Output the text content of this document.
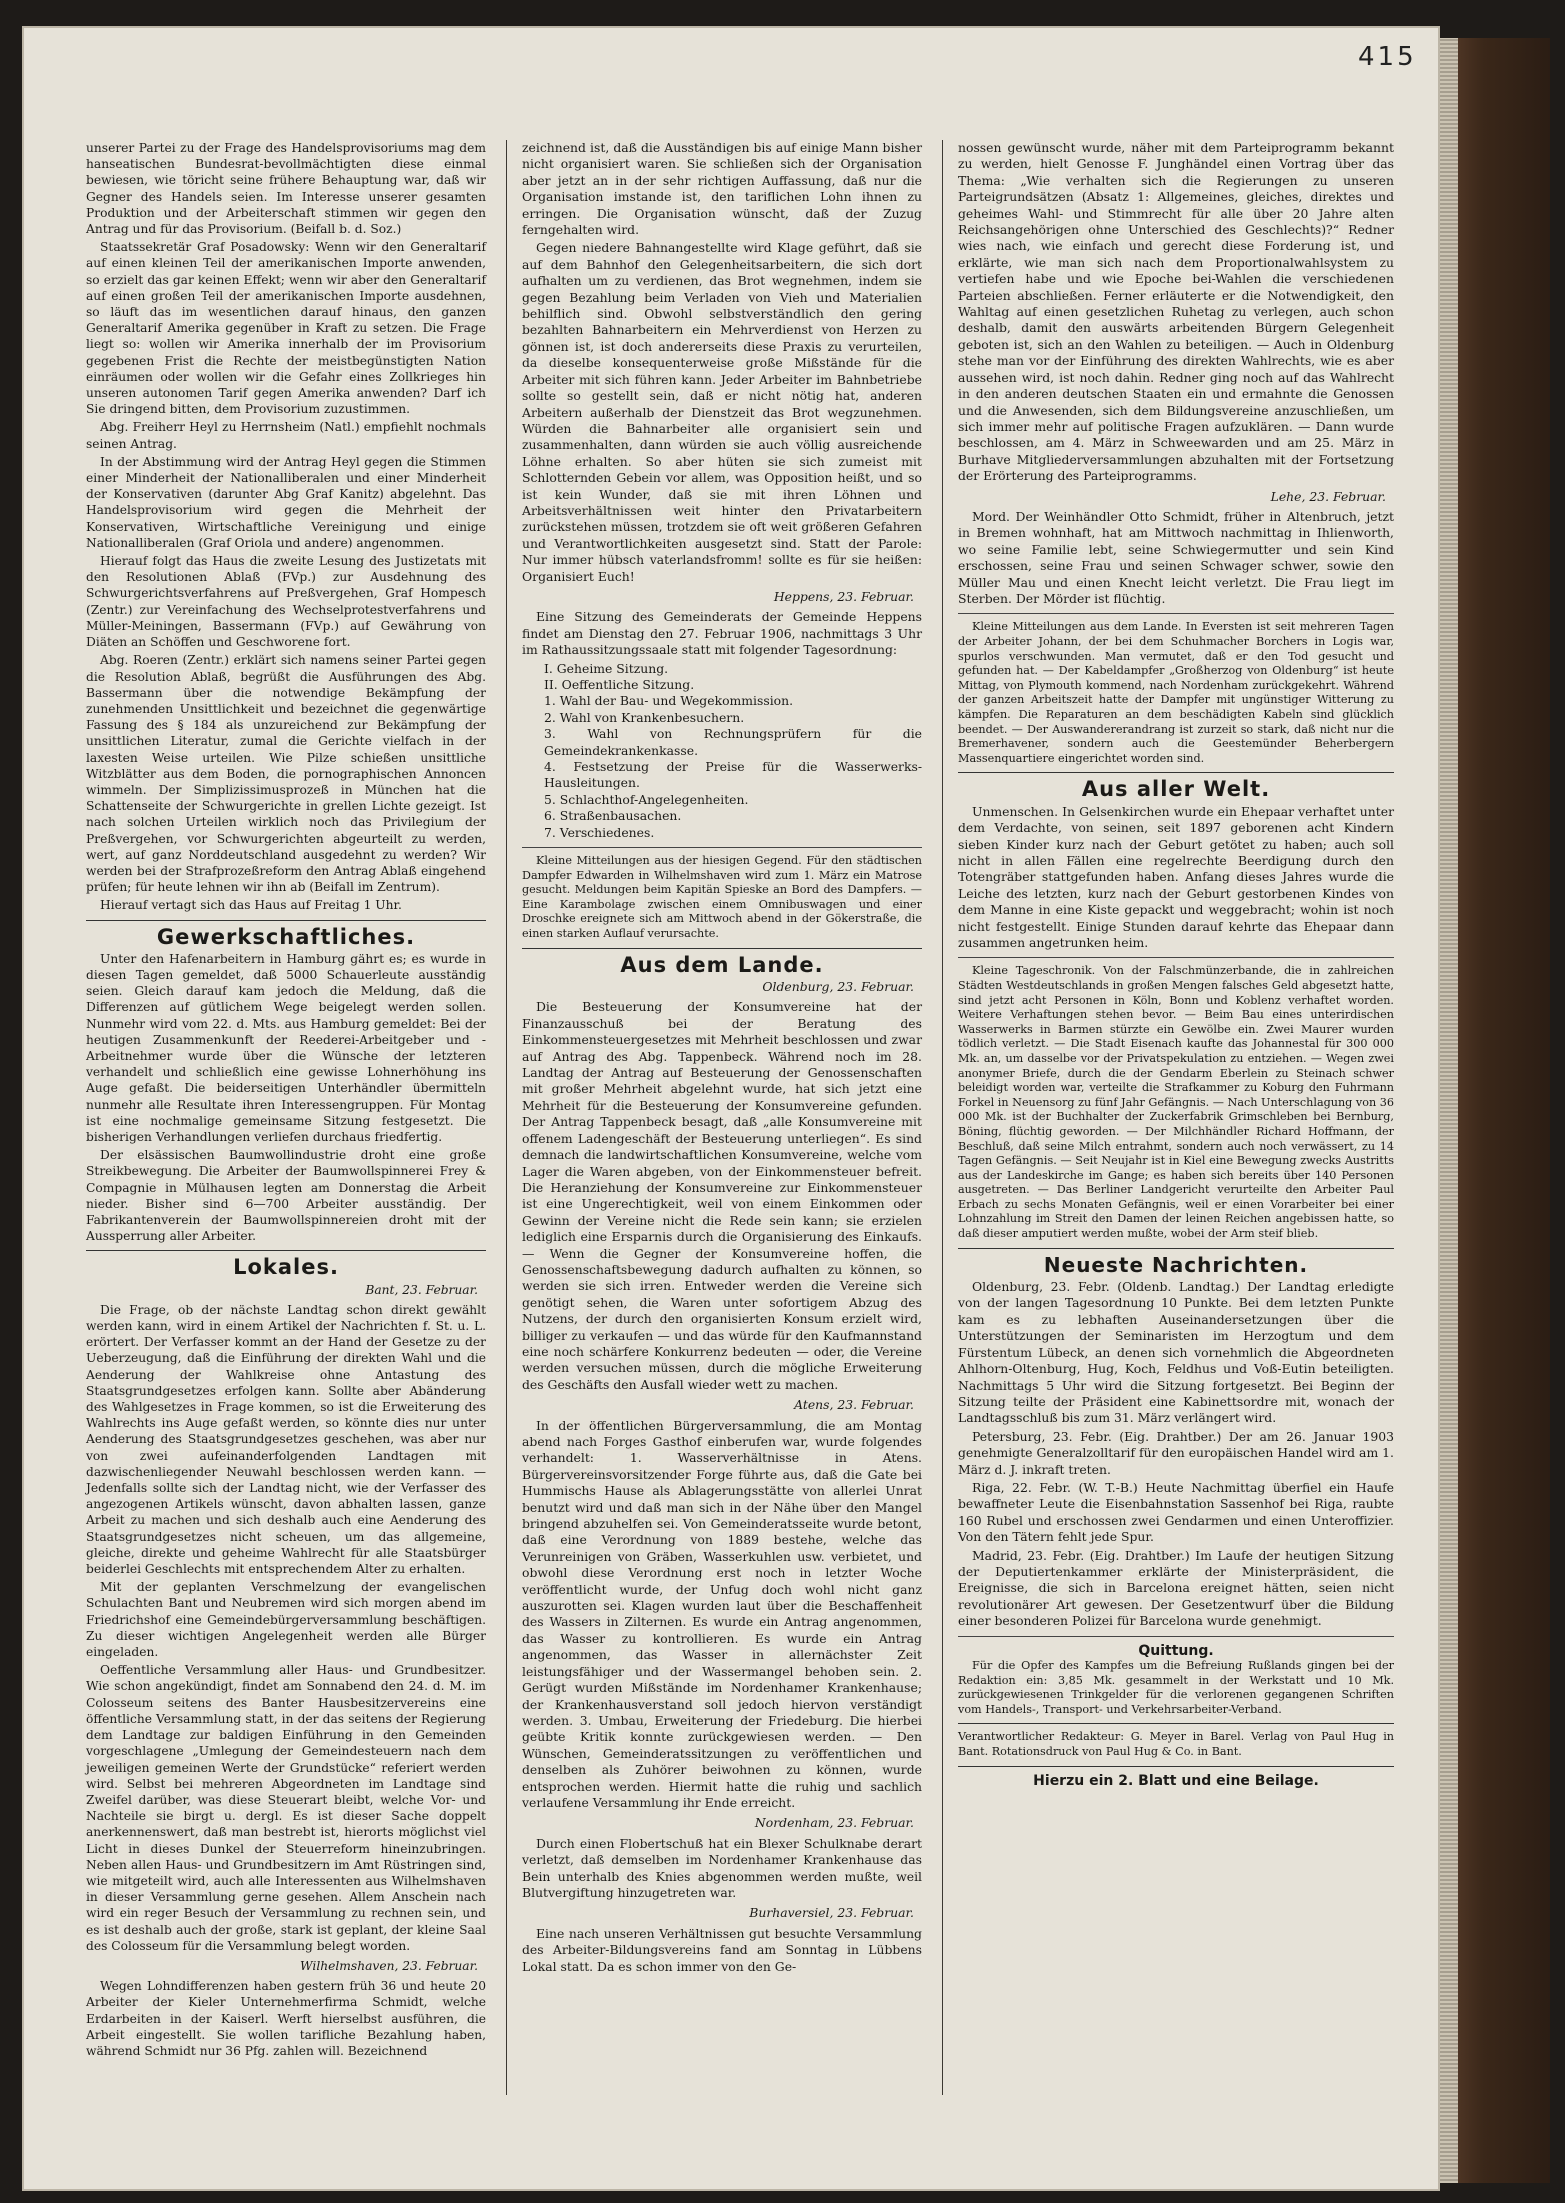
415

unserer Partei zu der Frage des Handelsprovisoriums mag dem hanseatischen Bundesrat-bevollmächtigten diese einmal bewiesen, wie töricht seine frühere Behauptung war, daß wir Gegner des Handels seien. Im Interesse unserer gesamten Produktion und der Arbeiterschaft stimmen wir gegen den Antrag und für das Provisorium. (Beifall b. d. Soz.)

Staatssekretär Graf Posadowsky: Wenn wir den Generaltarif auf einen kleinen Teil der amerikanischen Importe anwenden, so erzielt das gar keinen Effekt; wenn wir aber den Generaltarif auf einen großen Teil der amerikanischen Importe ausdehnen, so läuft das im wesentlichen darauf hinaus, den ganzen Generaltarif Amerika gegenüber in Kraft zu setzen. Die Frage liegt so: wollen wir Amerika innerhalb der im Provisorium gegebenen Frist die Rechte der meistbegünstigten Nation einräumen oder wollen wir die Gefahr eines Zollkrieges hin unseren autonomen Tarif gegen Amerika anwenden? Darf ich Sie dringend bitten, dem Provisorium zuzustimmen.

Abg. Freiherr Heyl zu Herrnsheim (Natl.) empfiehlt nochmals seinen Antrag.

In der Abstimmung wird der Antrag Heyl gegen die Stimmen einer Minderheit der Nationalliberalen und einer Minderheit der Konservativen (darunter Abg Graf Kanitz) abgelehnt. Das Handelsprovisorium wird gegen die Mehrheit der Konservativen, Wirtschaftliche Vereinigung und einige Nationalliberalen (Graf Oriola und andere) angenommen.

Hierauf folgt das Haus die zweite Lesung des Justizetats mit den Resolutionen Ablaß (FVp.) zur Ausdehnung des Schwurgerichtsverfahrens auf Preßvergehen, Graf Hompesch (Zentr.) zur Vereinfachung des Wechselprotestverfahrens und Müller-Meiningen, Bassermann (FVp.) auf Gewährung von Diäten an Schöffen und Geschworene fort.

Abg. Roeren (Zentr.) erklärt sich namens seiner Partei gegen die Resolution Ablaß, begrüßt die Ausführungen des Abg. Bassermann über die notwendige Bekämpfung der zunehmenden Unsittlichkeit und bezeichnet die gegenwärtige Fassung des § 184 als unzureichend zur Bekämpfung der unsittlichen Literatur, zumal die Gerichte vielfach in der laxesten Weise urteilen. Wie Pilze schießen unsittliche Witzblätter aus dem Boden, die pornographischen Annoncen wimmeln. Der Simplizissimusprozeß in München hat die Schattenseite der Schwurgerichte in grellen Lichte gezeigt. Ist nach solchen Urteilen wirklich noch das Privilegium der Preßvergehen, vor Schwurgerichten abgeurteilt zu werden, wert, auf ganz Norddeutschland ausgedehnt zu werden? Wir werden bei der Strafprozeßreform den Antrag Ablaß eingehend prüfen; für heute lehnen wir ihn ab (Beifall im Zentrum).

Hierauf vertagt sich das Haus auf Freitag 1 Uhr.

Gewerkschaftliches.

Unter den Hafenarbeitern in Hamburg gährt es; es wurde in diesen Tagen gemeldet, daß 5000 Schauerleute ausständig seien. Gleich darauf kam jedoch die Meldung, daß die Differenzen auf gütlichem Wege beigelegt werden sollen. Nunmehr wird vom 22. d. Mts. aus Hamburg gemeldet: Bei der heutigen Zusammenkunft der Reederei-Arbeitgeber und -Arbeitnehmer wurde über die Wünsche der letzteren verhandelt und schließlich eine gewisse Lohnerhöhung ins Auge gefaßt. Die beiderseitigen Unterhändler übermitteln nunmehr alle Resultate ihren Interessengruppen. Für Montag ist eine nochmalige gemeinsame Sitzung festgesetzt. Die bisherigen Verhandlungen verliefen durchaus friedfertig.

Der elsässischen Baumwollindustrie droht eine große Streikbewegung. Die Arbeiter der Baumwollspinnerei Frey & Compagnie in Mülhausen legten am Donnerstag die Arbeit nieder. Bisher sind 6—700 Arbeiter ausständig. Der Fabrikantenverein der Baumwollspinnereien droht mit der Aussperrung aller Arbeiter.

Lokales.
Bant, 23. Februar.

Die Frage, ob der nächste Landtag schon direkt gewählt werden kann, wird in einem Artikel der Nachrichten f. St. u. L. erörtert. Der Verfasser kommt an der Hand der Gesetze zu der Ueberzeugung, daß die Einführung der direkten Wahl und die Aenderung der Wahlkreise ohne Antastung des Staatsgrundgesetzes erfolgen kann. Sollte aber Abänderung des Wahlgesetzes in Frage kommen, so ist die Erweiterung des Wahlrechts ins Auge gefaßt werden, so könnte dies nur unter Aenderung des Staatsgrundgesetzes geschehen, was aber nur von zwei aufeinanderfolgenden Landtagen mit dazwischenliegender Neuwahl beschlossen werden kann. — Jedenfalls sollte sich der Landtag nicht, wie der Verfasser des angezogenen Artikels wünscht, davon abhalten lassen, ganze Arbeit zu machen und sich deshalb auch eine Aenderung des Staatsgrundgesetzes nicht scheuen, um das allgemeine, gleiche, direkte und geheime Wahlrecht für alle Staatsbürger beiderlei Geschlechts mit entsprechendem Alter zu erhalten.

Mit der geplanten Verschmelzung der evangelischen Schulachten Bant und Neubremen wird sich morgen abend im Friedrichshof eine Gemeindebürgerversammlung beschäftigen. Zu dieser wichtigen Angelegenheit werden alle Bürger eingeladen.

Oeffentliche Versammlung aller Haus- und Grundbesitzer. Wie schon angekündigt, findet am Sonnabend den 24. d. M. im Colosseum seitens des Banter Hausbesitzervereins eine öffentliche Versammlung statt, in der das seitens der Regierung dem Landtage zur baldigen Einführung in den Gemeinden vorgeschlagene „Umlegung der Gemeindesteuern nach dem jeweiligen gemeinen Werte der Grundstücke“ referiert werden wird. Selbst bei mehreren Abgeordneten im Landtage sind Zweifel darüber, was diese Steuerart bleibt, welche Vor- und Nachteile sie birgt u. dergl. Es ist dieser Sache doppelt anerkennenswert, daß man bestrebt ist, hierorts möglichst viel Licht in dieses Dunkel der Steuerreform hineinzubringen. Neben allen Haus- und Grundbesitzern im Amt Rüstringen sind, wie mitgeteilt wird, auch alle Interessenten aus Wilhelmshaven in dieser Versammlung gerne gesehen. Allem Anschein nach wird ein reger Besuch der Versammlung zu rechnen sein, und es ist deshalb auch der große, stark ist geplant, der kleine Saal des Colosseum für die Versammlung belegt worden.

Wilhelmshaven, 23. Februar.

Wegen Lohndifferenzen haben gestern früh 36 und heute 20 Arbeiter der Kieler Unternehmerfirma Schmidt, welche Erdarbeiten in der Kaiserl. Werft hierselbst ausführen, die Arbeit eingestellt. Sie wollen tarifliche Bezahlung haben, während Schmidt nur 36 Pfg. zahlen will. Bezeichnend

zeichnend ist, daß die Ausständigen bis auf einige Mann bisher nicht organisiert waren. Sie schließen sich der Organisation aber jetzt an in der sehr richtigen Auffassung, daß nur die Organisation imstande ist, den tariflichen Lohn ihnen zu erringen. Die Organisation wünscht, daß der Zuzug ferngehalten wird.

Gegen niedere Bahnangestellte wird Klage geführt, daß sie auf dem Bahnhof den Gelegenheitsarbeitern, die sich dort aufhalten um zu verdienen, das Brot wegnehmen, indem sie gegen Bezahlung beim Verladen von Vieh und Materialien behilflich sind. Obwohl selbstverständlich den gering bezahlten Bahnarbeitern ein Mehrverdienst von Herzen zu gönnen ist, ist doch andererseits diese Praxis zu verurteilen, da dieselbe konsequenterweise große Mißstände für die Arbeiter mit sich führen kann. Jeder Arbeiter im Bahnbetriebe sollte so gestellt sein, daß er nicht nötig hat, anderen Arbeitern außerhalb der Dienstzeit das Brot wegzunehmen. Würden die Bahnarbeiter alle organisiert sein und zusammenhalten, dann würden sie auch völlig ausreichende Löhne erhalten. So aber hüten sie sich zumeist mit Schlotternden Gebein vor allem, was Opposition heißt, und so ist kein Wunder, daß sie mit ihren Löhnen und Arbeitsverhältnissen weit hinter den Privatarbeitern zurückstehen müssen, trotzdem sie oft weit größeren Gefahren und Verantwortlichkeiten ausgesetzt sind. Statt der Parole: Nur immer hübsch vaterlandsfromm! sollte es für sie heißen: Organisiert Euch!

Heppens, 23. Februar.

Eine Sitzung des Gemeinderats der Gemeinde Heppens findet am Dienstag den 27. Februar 1906, nachmittags 3 Uhr im Rathaussitzungssaale statt mit folgender Tagesordnung:

I. Geheime Sitzung.
II. Oeffentliche Sitzung.
1. Wahl der Bau- und Wegekommission.
2. Wahl von Krankenbesuchern.
3. Wahl von Rechnungsprüfern für die Gemeindekrankenkasse.
4. Festsetzung der Preise für die Wasserwerks-Hausleitungen.
5. Schlachthof-Angelegenheiten.
6. Straßenbausachen.
7. Verschiedenes.

Kleine Mitteilungen aus der hiesigen Gegend. Für den städtischen Dampfer Edwarden in Wilhelmshaven wird zum 1. März ein Matrose gesucht. Meldungen beim Kapitän Spieske an Bord des Dampfers. — Eine Karambolage zwischen einem Omnibuswagen und einer Droschke ereignete sich am Mittwoch abend in der Gökerstraße, die einen starken Auflauf verursachte.

Aus dem Lande.
Oldenburg, 23. Februar.

Die Besteuerung der Konsumvereine hat der Finanzausschuß bei der Beratung des Einkommensteuergesetzes mit Mehrheit beschlossen und zwar auf Antrag des Abg. Tappenbeck. Während noch im 28. Landtag der Antrag auf Besteuerung der Genossenschaften mit großer Mehrheit abgelehnt wurde, hat sich jetzt eine Mehrheit für die Besteuerung der Konsumvereine gefunden. Der Antrag Tappenbeck besagt, daß „alle Konsumvereine mit offenem Ladengeschäft der Besteuerung unterliegen“. Es sind demnach die landwirtschaftlichen Konsumvereine, welche vom Lager die Waren abgeben, von der Einkommensteuer befreit. Die Heranziehung der Konsumvereine zur Einkommensteuer ist eine Ungerechtigkeit, weil von einem Einkommen oder Gewinn der Vereine nicht die Rede sein kann; sie erzielen lediglich eine Ersparnis durch die Organisierung des Einkaufs. — Wenn die Gegner der Konsumvereine hoffen, die Genossenschaftsbewegung dadurch aufhalten zu können, so werden sie sich irren. Entweder werden die Vereine sich genötigt sehen, die Waren unter sofortigem Abzug des Nutzens, der durch den organisierten Konsum erzielt wird, billiger zu verkaufen — und das würde für den Kaufmannstand eine noch schärfere Konkurrenz bedeuten — oder, die Vereine werden versuchen müssen, durch die mögliche Erweiterung des Geschäfts den Ausfall wieder wett zu machen.

Atens, 23. Februar.

In der öffentlichen Bürgerversammlung, die am Montag abend nach Forges Gasthof einberufen war, wurde folgendes verhandelt: 1. Wasserverhältnisse in Atens. Bürgervereinsvorsitzender Forge führte aus, daß die Gate bei Hummischs Hause als Ablagerungsstätte von allerlei Unrat benutzt wird und daß man sich in der Nähe über den Mangel bringend abzuhelfen sei. Von Gemeinderatsseite wurde betont, daß eine Verordnung von 1889 bestehe, welche das Verunreinigen von Gräben, Wasserkuhlen usw. verbietet, und obwohl diese Verordnung erst noch in letzter Woche veröffentlicht wurde, der Unfug doch wohl nicht ganz auszurotten sei. Klagen wurden laut über die Beschaffenheit des Wassers in Zilternen. Es wurde ein Antrag angenommen, das Wasser zu kontrollieren. Es wurde ein Antrag angenommen, das Wasser in allernächster Zeit leistungsfähiger und der Wassermangel behoben sein. 2. Gerügt wurden Mißstände im Nordenhamer Krankenhause; der Krankenhausverstand soll jedoch hiervon verständigt werden. 3. Umbau, Erweiterung der Friedeburg. Die hierbei geübte Kritik konnte zurückgewiesen werden. — Den Wünschen, Gemeinderatssitzungen zu veröffentlichen und denselben als Zuhörer beiwohnen zu können, wurde entsprochen werden. Hiermit hatte die ruhig und sachlich verlaufene Versammlung ihr Ende erreicht.

Nordenham, 23. Februar.

Durch einen Flobertschuß hat ein Blexer Schulknabe derart verletzt, daß demselben im Nordenhamer Krankenhause das Bein unterhalb des Knies abgenommen werden mußte, weil Blutvergiftung hinzugetreten war.

Burhaversiel, 23. Februar.

Eine nach unseren Verhältnissen gut besuchte Versammlung des Arbeiter-Bildungsvereins fand am Sonntag in Lübbens Lokal statt. Da es schon immer von den Ge-

nossen gewünscht wurde, näher mit dem Parteiprogramm bekannt zu werden, hielt Genosse F. Junghändel einen Vortrag über das Thema: „Wie verhalten sich die Regierungen zu unseren Parteigrundsätzen (Absatz 1: Allgemeines, gleiches, direktes und geheimes Wahl- und Stimmrecht für alle über 20 Jahre alten Reichsangehörigen ohne Unterschied des Geschlechts)?“ Redner wies nach, wie einfach und gerecht diese Forderung ist, und erklärte, wie man sich nach dem Proportionalwahlsystem zu vertiefen habe und wie Epoche bei-Wahlen die verschiedenen Parteien abschließen. Ferner erläuterte er die Notwendigkeit, den Wahltag auf einen gesetzlichen Ruhetag zu verlegen, auch schon deshalb, damit den auswärts arbeitenden Bürgern Gelegenheit geboten ist, sich an den Wahlen zu beteiligen. — Auch in Oldenburg stehe man vor der Einführung des direkten Wahlrechts, wie es aber aussehen wird, ist noch dahin. Redner ging noch auf das Wahlrecht in den anderen deutschen Staaten ein und ermahnte die Genossen und die Anwesenden, sich dem Bildungsvereine anzuschließen, um sich immer mehr auf politische Fragen aufzuklären. — Dann wurde beschlossen, am 4. März in Schweewarden und am 25. März in Burhave Mitgliederversammlungen abzuhalten mit der Fortsetzung der Erörterung des Parteiprogramms.

Lehe, 23. Februar.

Mord. Der Weinhändler Otto Schmidt, früher in Altenbruch, jetzt in Bremen wohnhaft, hat am Mittwoch nachmittag in Ihlienworth, wo seine Familie lebt, seine Schwiegermutter und sein Kind erschossen, seine Frau und seinen Schwager schwer, sowie den Müller Mau und einen Knecht leicht verletzt. Die Frau liegt im Sterben. Der Mörder ist flüchtig.

Kleine Mitteilungen aus dem Lande. In Eversten ist seit mehreren Tagen der Arbeiter Johann, der bei dem Schuhmacher Borchers in Logis war, spurlos verschwunden. Man vermutet, daß er den Tod gesucht und gefunden hat. — Der Kabeldampfer „Großherzog von Oldenburg“ ist heute Mittag, von Plymouth kommend, nach Nordenham zurückgekehrt. Während der ganzen Arbeitszeit hatte der Dampfer mit ungünstiger Witterung zu kämpfen. Die Reparaturen an dem beschädigten Kabeln sind glücklich beendet. — Der Auswandererandrang ist zurzeit so stark, daß nicht nur die Bremerhavener, sondern auch die Geestemünder Beherbergern Massenquartiere eingerichtet worden sind.

Aus aller Welt.

Unmenschen. In Gelsenkirchen wurde ein Ehepaar verhaftet unter dem Verdachte, von seinen, seit 1897 geborenen acht Kindern sieben Kinder kurz nach der Geburt getötet zu haben; auch soll nicht in allen Fällen eine regelrechte Beerdigung durch den Totengräber stattgefunden haben. Anfang dieses Jahres wurde die Leiche des letzten, kurz nach der Geburt gestorbenen Kindes von dem Manne in eine Kiste gepackt und weggebracht; wohin ist noch nicht festgestellt. Einige Stunden darauf kehrte das Ehepaar dann zusammen angetrunken heim.

Kleine Tageschronik. Von der Falschmünzerbande, die in zahlreichen Städten Westdeutschlands in großen Mengen falsches Geld abgesetzt hatte, sind jetzt acht Personen in Köln, Bonn und Koblenz verhaftet worden. Weitere Verhaftungen stehen bevor. — Beim Bau eines unterirdischen Wasserwerks in Barmen stürzte ein Gewölbe ein. Zwei Maurer wurden tödlich verletzt. — Die Stadt Eisenach kaufte das Johannestal für 300 000 Mk. an, um dasselbe vor der Privatspekulation zu entziehen. — Wegen zwei anonymer Briefe, durch die der Gendarm Eberlein zu Steinach schwer beleidigt worden war, verteilte die Strafkammer zu Koburg den Fuhrmann Forkel in Neuensorg zu fünf Jahr Gefängnis. — Nach Unterschlagung von 36 000 Mk. ist der Buchhalter der Zuckerfabrik Grimschleben bei Bernburg, Böning, flüchtig geworden. — Der Milchhändler Richard Hoffmann, der Beschluß, daß seine Milch entrahmt, sondern auch noch verwässert, zu 14 Tagen Gefängnis. — Seit Neujahr ist in Kiel eine Bewegung zwecks Austritts aus der Landeskirche im Gange; es haben sich bereits über 140 Personen ausgetreten. — Das Berliner Landgericht verurteilte den Arbeiter Paul Erbach zu sechs Monaten Gefängnis, weil er einen Vorarbeiter bei einer Lohnzahlung im Streit den Damen der leinen Reichen angebissen hatte, so daß dieser amputiert werden mußte, wobei der Arm steif blieb.

Neueste Nachrichten.

Oldenburg, 23. Febr. (Oldenb. Landtag.) Der Landtag erledigte von der langen Tagesordnung 10 Punkte. Bei dem letzten Punkte kam es zu lebhaften Auseinandersetzungen über die Unterstützungen der Seminaristen im Herzogtum und dem Fürstentum Lübeck, an denen sich vornehmlich die Abgeordneten Ahlhorn-Oltenburg, Hug, Koch, Feldhus und Voß-Eutin beteiligten. Nachmittags 5 Uhr wird die Sitzung fortgesetzt. Bei Beginn der Sitzung teilte der Präsident eine Kabinettsordre mit, wonach der Landtagsschluß bis zum 31. März verlängert wird.

Petersburg, 23. Febr. (Eig. Drahtber.) Der am 26. Januar 1903 genehmigte Generalzolltarif für den europäischen Handel wird am 1. März d. J. inkraft treten.

Riga, 22. Febr. (W. T.-B.) Heute Nachmittag überfiel ein Haufe bewaffneter Leute die Eisenbahnstation Sassenhof bei Riga, raubte 160 Rubel und erschossen zwei Gendarmen und einen Unteroffizier. Von den Tätern fehlt jede Spur.

Madrid, 23. Febr. (Eig. Drahtber.) Im Laufe der heutigen Sitzung der Deputiertenkammer erklärte der Ministerpräsident, die Ereignisse, die sich in Barcelona ereignet hätten, seien nicht revolutionärer Art gewesen. Der Gesetzentwurf über die Bildung einer besonderen Polizei für Barcelona wurde genehmigt.

Quittung.

Für die Opfer des Kampfes um die Befreiung Rußlands gingen bei der Redaktion ein: 3,85 Mk. gesammelt in der Werkstatt und 10 Mk. zurückgewiesenen Trinkgelder für die verlorenen gegangenen Schriften vom Handels-, Transport- und Verkehrsarbeiter-Verband.

Verantwortlicher Redakteur: G. Meyer in Barel. Verlag von Paul Hug in Bant. Rotationsdruck von Paul Hug & Co. in Bant.

Hierzu ein 2. Blatt und eine Beilage.
